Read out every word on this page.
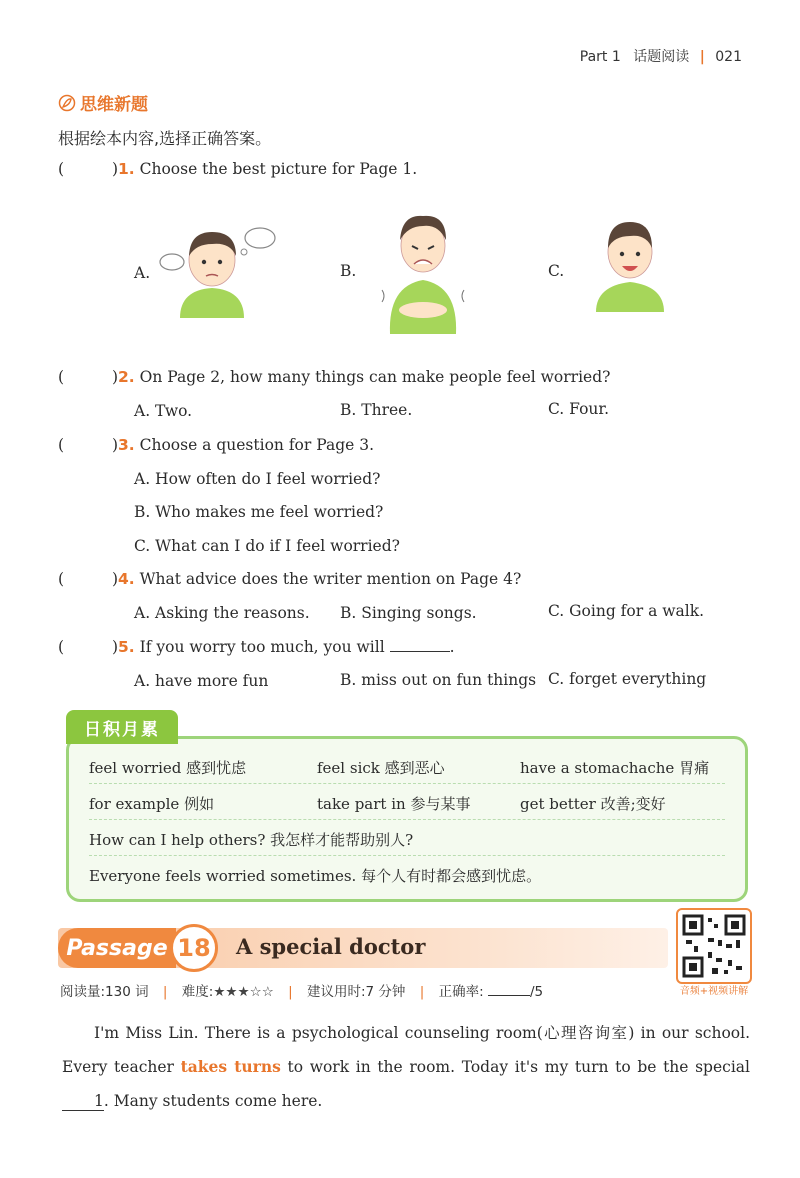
Part 1 话题阅读 | 021
思维新题
根据绘本内容,选择正确答案。
(	)1. Choose the best picture for Page 1.
A.	B.	C.
(	)2. On Page 2, how many things can make people feel worried?
A. Two.	B. Three.	C. Four.
(	)3. Choose a question for Page 3.
A. How often do I feel worried?
B. Who makes me feel worried?
C. What can I do if I feel worried?
(	)4. What advice does the writer mention on Page 4?
A. Asking the reasons. B. Singing songs.	C. Going for a walk.
(	)5. If you worry too much, you will	.
A. have more fun	B. miss out on fun things C. forget everything
feel worried 感到忧虑	feel sick 感到恶心	have a stomachache 胃痛
for example 例如	take part in 参与某事	get better 改善;变好
How can I help others? 我怎样才能帮助别人?
Everyone feels worried sometimes. 每个人有时都会感到忧虑。
日积月累
Passage 18	A special doctor
音频+视频讲解
阅读量:130 词 | 难度:★★★☆☆ | 建议用时:7 分钟 | 正确率:	/5
I'm Miss Lin. There is a psychological counseling room(心理咨询室) in our school. Every teacher takes turns to work in the room. Today it's my turn to be the special 1. Many students come here.
